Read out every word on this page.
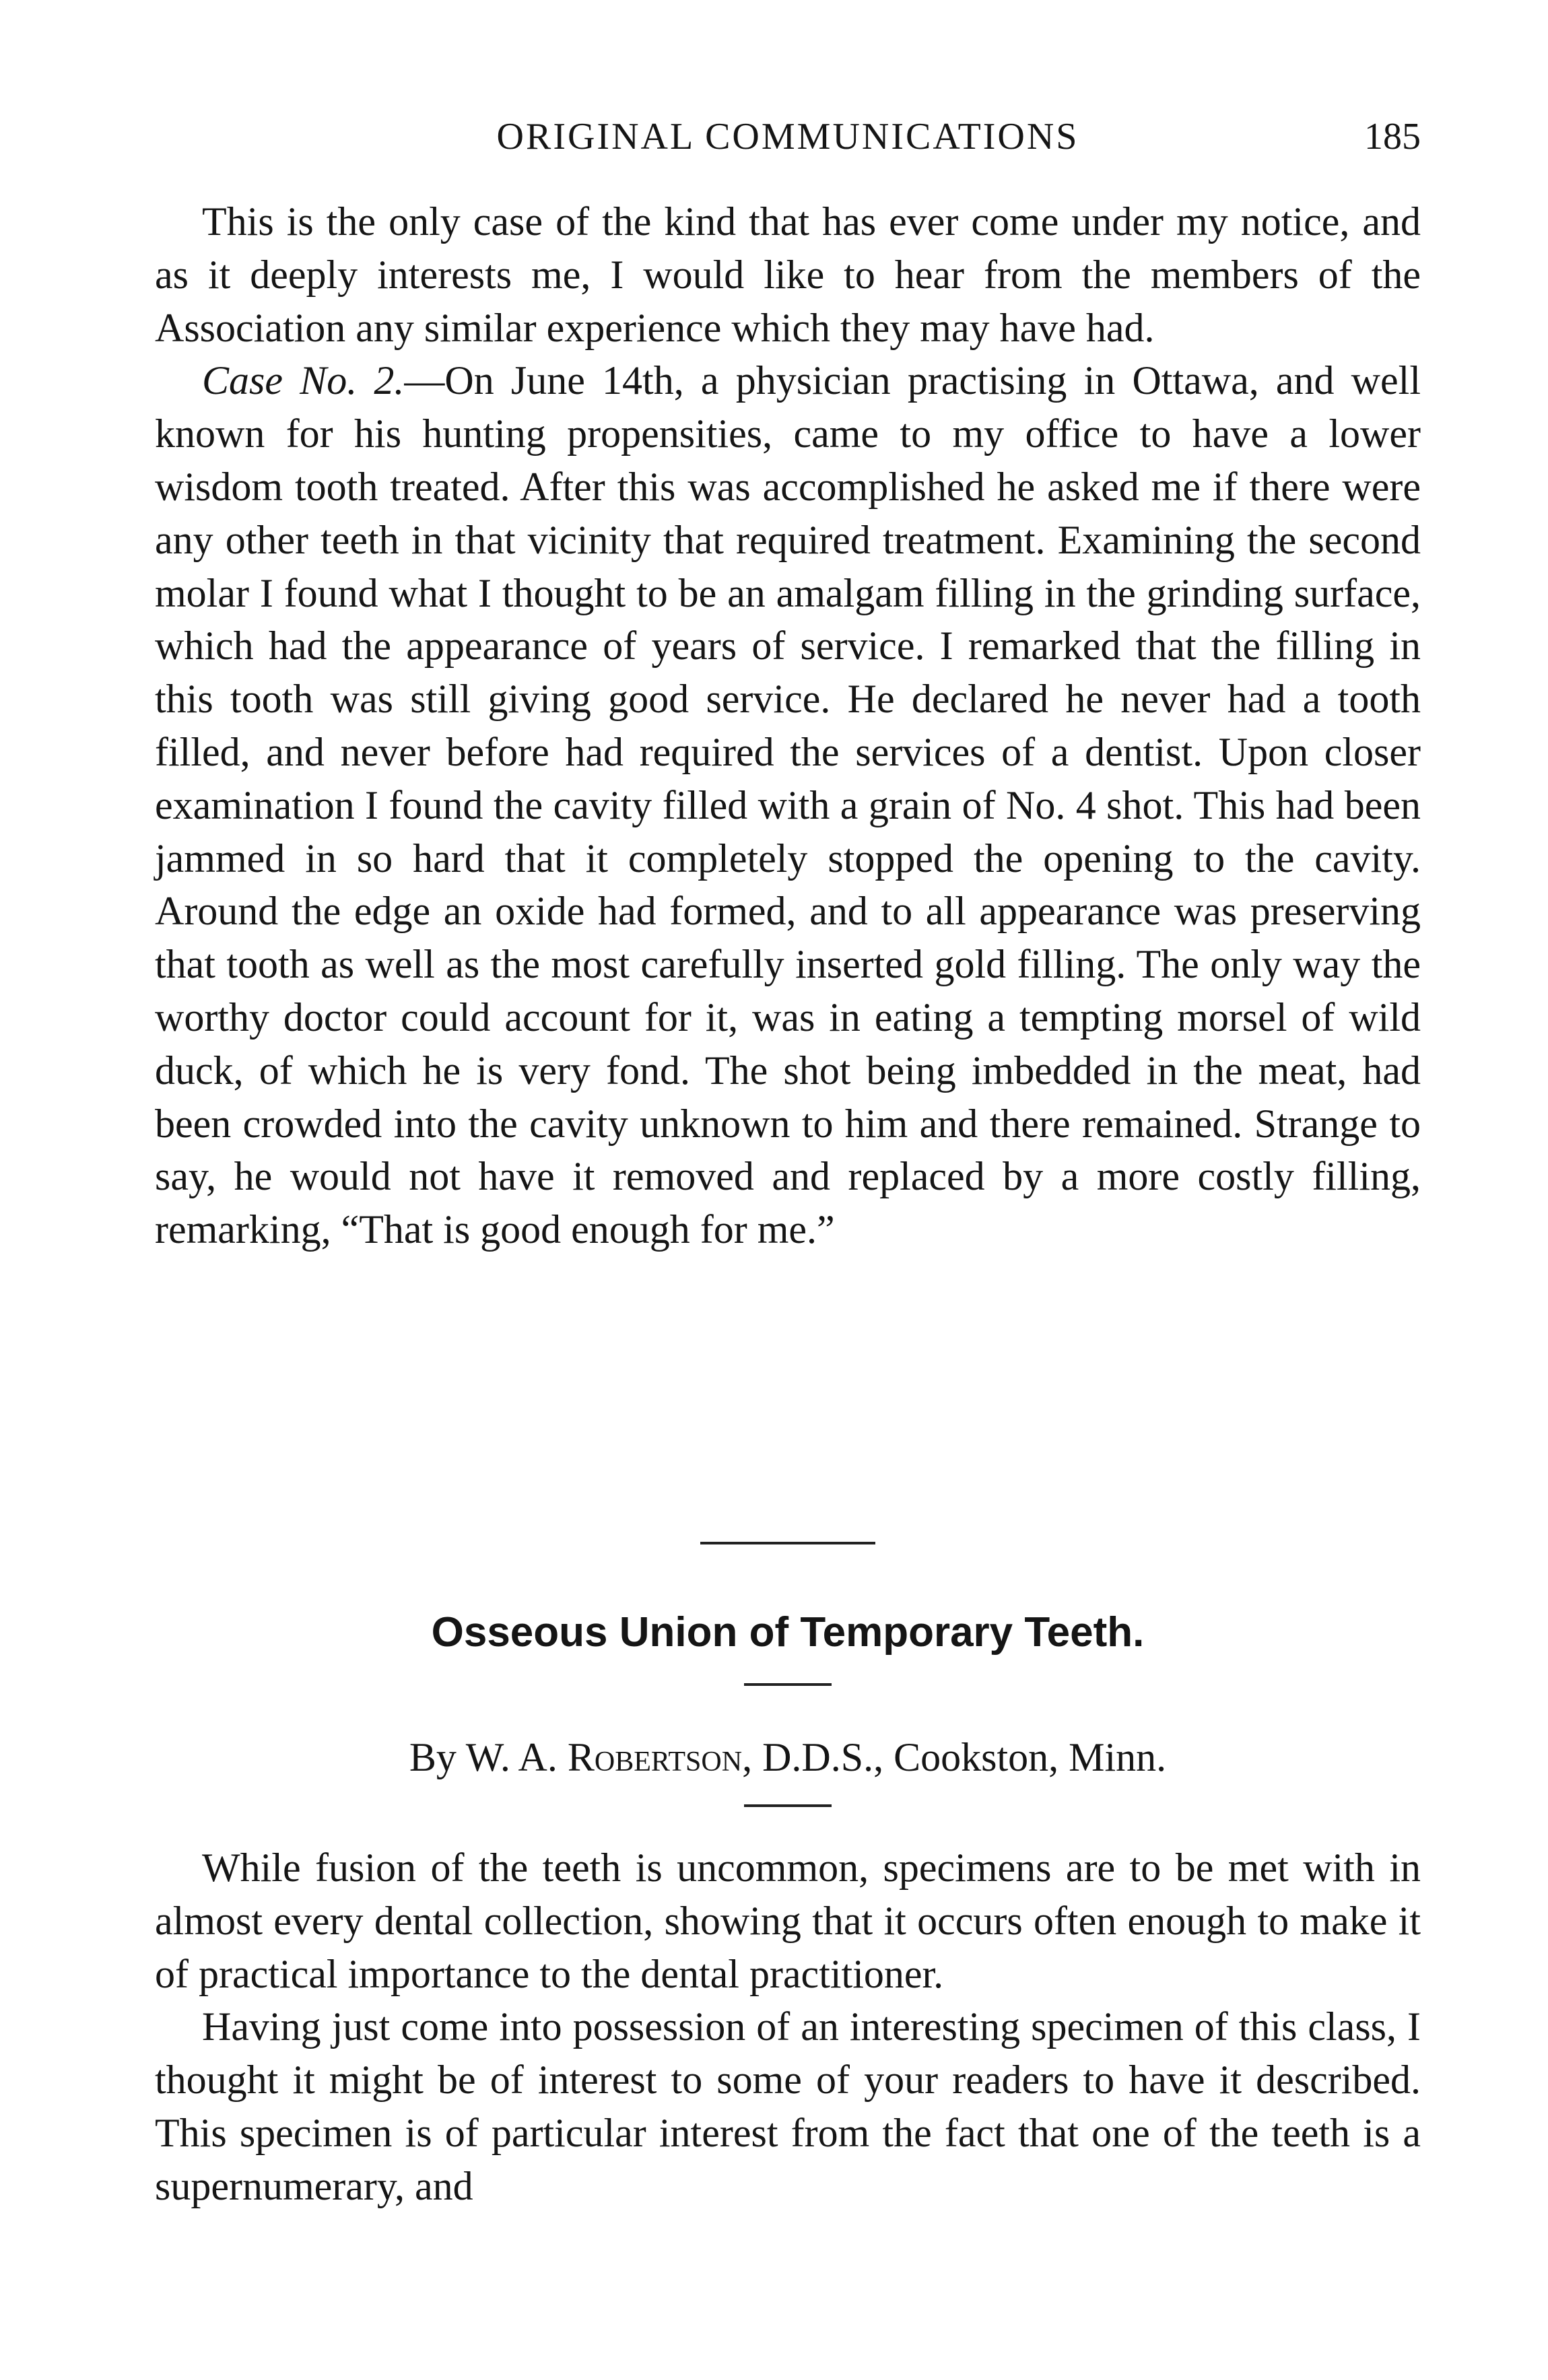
ORIGINAL COMMUNICATIONS	185

This is the only case of the kind that has ever come under my notice, and as it deeply interests me, I would like to hear from the members of the Association any similar experience which they may have had.

Case No. 2.—On June 14th, a physician practising in Ottawa, and well known for his hunting propensities, came to my office to have a lower wisdom tooth treated. After this was accomplished he asked me if there were any other teeth in that vicinity that required treatment. Examining the second molar I found what I thought to be an amalgam filling in the grinding surface, which had the appearance of years of service. I remarked that the filling in this tooth was still giving good service. He declared he never had a tooth filled, and never before had required the services of a dentist. Upon closer examination I found the cavity filled with a grain of No. 4 shot. This had been jammed in so hard that it completely stopped the opening to the cavity. Around the edge an oxide had formed, and to all appearance was preserving that tooth as well as the most carefully inserted gold filling. The only way the worthy doctor could account for it, was in eating a tempting morsel of wild duck, of which he is very fond. The shot being imbedded in the meat, had been crowded into the cavity unknown to him and there remained. Strange to say, he would not have it removed and replaced by a more costly filling, remarking, “That is good enough for me.”

Osseous Union of Temporary Teeth.
By W. A. Robertson, D.D.S., Cookston, Minn.

While fusion of the teeth is uncommon, specimens are to be met with in almost every dental collection, showing that it occurs often enough to make it of practical importance to the dental practitioner.

Having just come into possession of an interesting specimen of this class, I thought it might be of interest to some of your readers to have it described. This specimen is of particular interest from the fact that one of the teeth is a supernumerary, and
